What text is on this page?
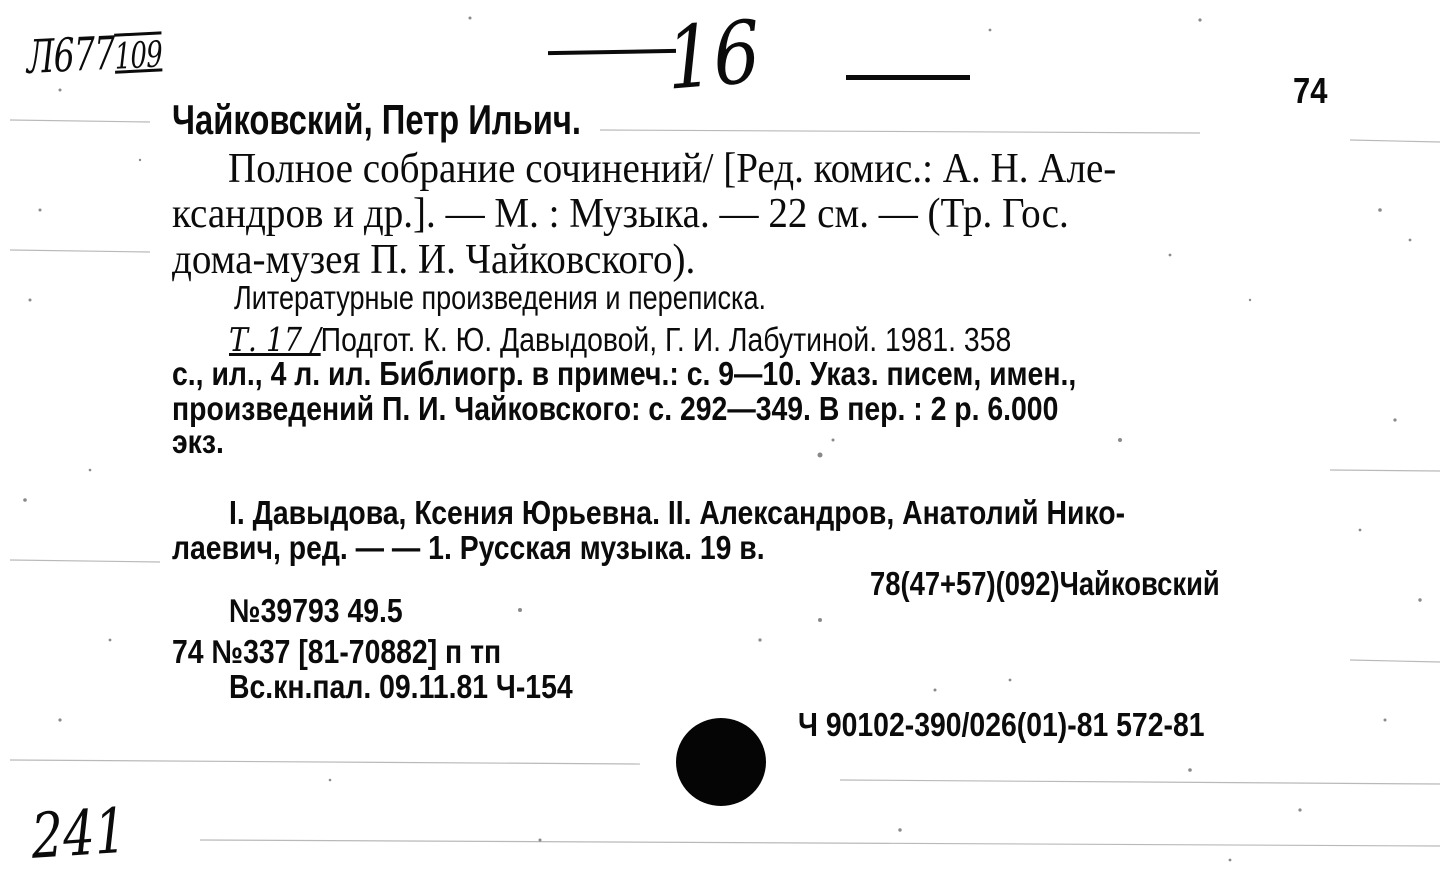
Л677109	16	74
Чайковский, Петр Ильич.
Полное собрание сочинений/ [Ред. комис.: А. Н. Але-
ксандров и др.]. — М. : Музыка. — 22 см. — (Тр. Гос.
дома-музея П. И. Чайковского).
Литературные произведения и переписка.
Т. 17 /Подгот. К. Ю. Давыдовой, Г. И. Лабутиной. 1981. 358
с., ил., 4 л. ил. Библиогр. в примеч.: с. 9—10. Указ. писем, имен.,
произведений П. И. Чайковского: с. 292—349. В пер. : 2 р. 6.000
экз.
I. Давыдова, Ксения Юрьевна. II. Александров, Анатолий Нико-
лаевич, ред. — — 1. Русская музыка. 19 в.
78(47+57)(092)Чайковский
№39793 49.5
74 №337 [81-70882] п тп
Вс.кн.пал. 09.11.81 Ч-154
Ч 90102-390/026(01)-81 572-81
241
